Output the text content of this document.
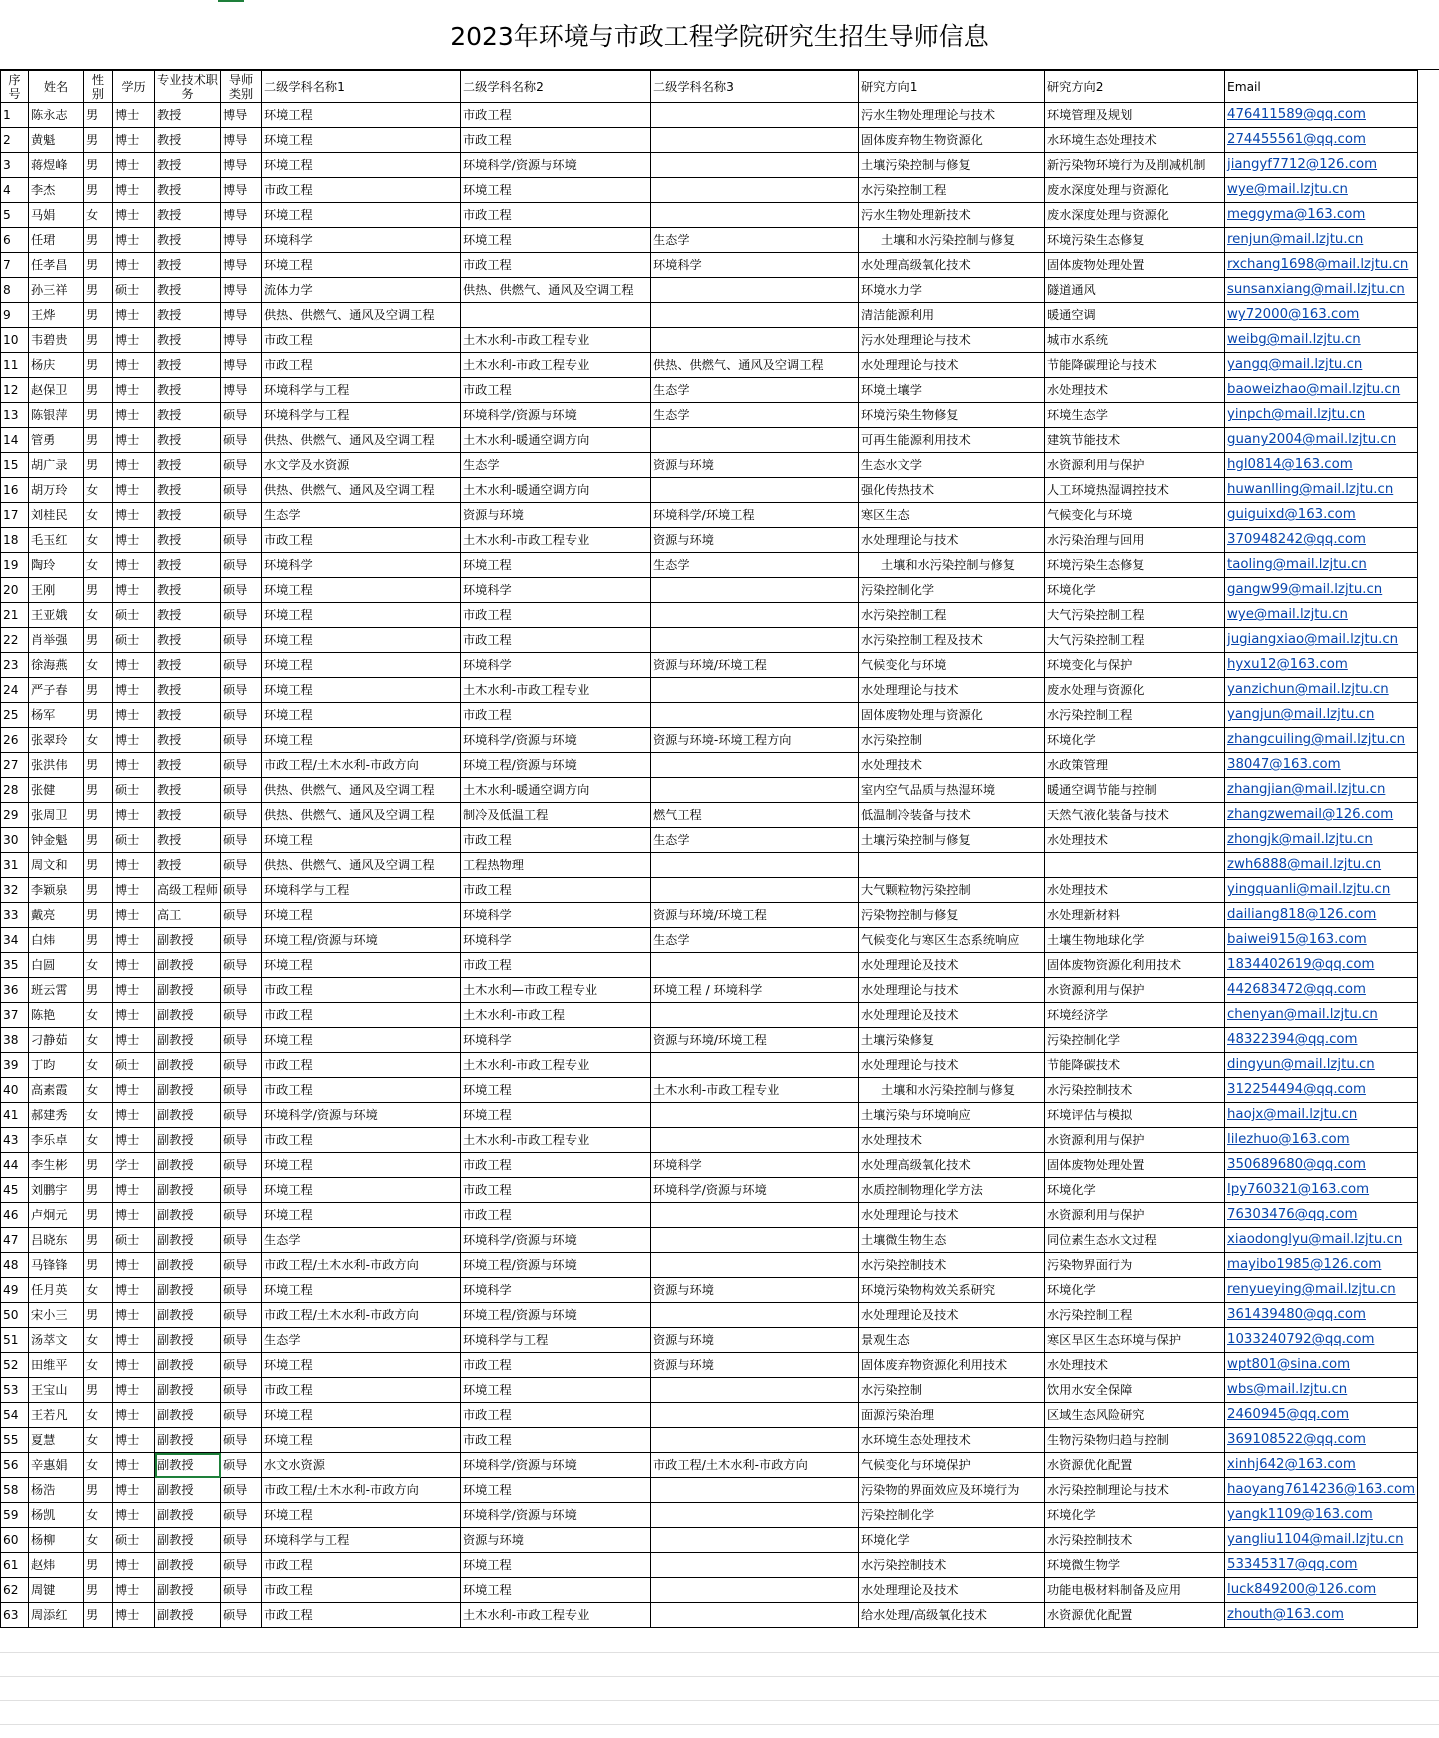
2023年环境与市政工程学院研究生招生导师信息
序号	姓名	性别	学历	专业技术职务	导师类别	二级学科名称1	二级学科名称2	二级学科名称3	研究方向1	研究方向2	Email
1	陈永志	男	博士	教授	博导	环境工程	市政工程		污水生物处理理论与技术	环境管理及规划	476411589@qq.com
2	黄魁	男	博士	教授	博导	环境工程	市政工程		固体废弃物生物资源化	水环境生态处理技术	274455561@qq.com
3	蒋煜峰	男	博士	教授	博导	环境工程	环境科学/资源与环境		土壤污染控制与修复	新污染物环境行为及削减机制	jiangyf7712@126.com
4	李杰	男	博士	教授	博导	市政工程	环境工程		水污染控制工程	废水深度处理与资源化	wye@mail.lzjtu.cn
5	马娟	女	博士	教授	博导	环境工程	市政工程		污水生物处理新技术	废水深度处理与资源化	meggyma@163.com
6	任珺	男	博士	教授	博导	环境科学	环境工程	生态学	土壤和水污染控制与修复	环境污染生态修复	renjun@mail.lzjtu.cn
7	任孝昌	男	博士	教授	博导	环境工程	市政工程	环境科学	水处理高级氧化技术	固体废物处理处置	rxchang1698@mail.lzjtu.cn
8	孙三祥	男	硕士	教授	博导	流体力学	供热、供燃气、通风及空调工程		环境水力学	隧道通风	sunsanxiang@mail.lzjtu.cn
9	王烨	男	博士	教授	博导	供热、供燃气、通风及空调工程			清洁能源利用	暖通空调	wy72000@163.com
10	韦碧贵	男	博士	教授	博导	市政工程	土木水利-市政工程专业		污水处理理论与技术	城市水系统	weibg@mail.lzjtu.cn
11	杨庆	男	博士	教授	博导	市政工程	土木水利-市政工程专业	供热、供燃气、通风及空调工程	水处理理论与技术	节能降碳理论与技术	yangq@mail.lzjtu.cn
12	赵保卫	男	博士	教授	博导	环境科学与工程	市政工程	生态学	环境土壤学	水处理技术	baoweizhao@mail.lzjtu.cn
13	陈银萍	男	博士	教授	硕导	环境科学与工程	环境科学/资源与环境	生态学	环境污染生物修复	环境生态学	yinpch@mail.lzjtu.cn
14	管勇	男	博士	教授	硕导	供热、供燃气、通风及空调工程	土木水利-暖通空调方向		可再生能源利用技术	建筑节能技术	guany2004@mail.lzjtu.cn
15	胡广录	男	博士	教授	硕导	水文学及水资源	生态学	资源与环境	生态水文学	水资源利用与保护	hgl0814@163.com
16	胡万玲	女	博士	教授	硕导	供热、供燃气、通风及空调工程	土木水利-暖通空调方向		强化传热技术	人工环境热湿调控技术	huwanlling@mail.lzjtu.cn
17	刘桂民	女	博士	教授	硕导	生态学	资源与环境	环境科学/环境工程	寒区生态	气候变化与环境	guiguixd@163.com
18	毛玉红	女	博士	教授	硕导	市政工程	土木水利-市政工程专业	资源与环境	水处理理论与技术	水污染治理与回用	370948242@qq.com
19	陶玲	女	博士	教授	硕导	环境科学	环境工程	生态学	土壤和水污染控制与修复	环境污染生态修复	taoling@mail.lzjtu.cn
20	王刚	男	博士	教授	硕导	环境工程	环境科学		污染控制化学	环境化学	gangw99@mail.lzjtu.cn
21	王亚娥	女	硕士	教授	硕导	环境工程	市政工程		水污染控制工程	大气污染控制工程	wye@mail.lzjtu.cn
22	肖举强	男	硕士	教授	硕导	环境工程	市政工程		水污染控制工程及技术	大气污染控制工程	jugiangxiao@mail.lzjtu.cn
23	徐海燕	女	博士	教授	硕导	环境工程	环境科学	资源与环境/环境工程	气候变化与环境	环境变化与保护	hyxu12@163.com
24	严子春	男	博士	教授	硕导	环境工程	土木水利-市政工程专业		水处理理论与技术	废水处理与资源化	yanzichun@mail.lzjtu.cn
25	杨军	男	博士	教授	硕导	环境工程	市政工程		固体废物处理与资源化	水污染控制工程	yangjun@mail.lzjtu.cn
26	张翠玲	女	博士	教授	硕导	环境工程	环境科学/资源与环境	资源与环境-环境工程方向	水污染控制	环境化学	zhangcuiling@mail.lzjtu.cn
27	张洪伟	男	博士	教授	硕导	市政工程/土木水利-市政方向	环境工程/资源与环境		水处理技术	水政策管理	38047@163.com
28	张健	男	硕士	教授	硕导	供热、供燃气、通风及空调工程	土木水利-暖通空调方向		室内空气品质与热湿环境	暖通空调节能与控制	zhangjian@mail.lzjtu.cn
29	张周卫	男	博士	教授	硕导	供热、供燃气、通风及空调工程	制冷及低温工程	燃气工程	低温制冷装备与技术	天然气液化装备与技术	zhangzwemail@126.com
30	钟金魁	男	硕士	教授	硕导	环境工程	市政工程	生态学	土壤污染控制与修复	水处理技术	zhongjk@mail.lzjtu.cn
31	周文和	男	博士	教授	硕导	供热、供燃气、通风及空调工程	工程热物理				zwh6888@mail.lzjtu.cn
32	李颖泉	男	博士	高级工程师	硕导	环境科学与工程	市政工程		大气颗粒物污染控制	水处理技术	yingquanli@mail.lzjtu.cn
33	戴亮	男	博士	高工	硕导	环境工程	环境科学	资源与环境/环境工程	污染物控制与修复	水处理新材料	dailiang818@126.com
34	白炜	男	博士	副教授	硕导	环境工程/资源与环境	环境科学	生态学	气候变化与寒区生态系统响应	土壤生物地球化学	baiwei915@163.com
35	白圆	女	博士	副教授	硕导	环境工程	市政工程		水处理理论及技术	固体废物资源化利用技术	1834402619@qq.com
36	班云霄	男	博士	副教授	硕导	市政工程	土木水利—市政工程专业	环境工程 / 环境科学	水处理理论与技术	水资源利用与保护	442683472@qq.com
37	陈艳	女	博士	副教授	硕导	市政工程	土木水利-市政工程		水处理理论及技术	环境经济学	chenyan@mail.lzjtu.cn
38	刁静茹	女	博士	副教授	硕导	环境工程	环境科学	资源与环境/环境工程	土壤污染修复	污染控制化学	48322394@qq.com
39	丁昀	女	硕士	副教授	硕导	市政工程	土木水利-市政工程专业		水处理理论与技术	节能降碳技术	dingyun@mail.lzjtu.cn
40	高素霞	女	博士	副教授	硕导	市政工程	环境工程	土木水利-市政工程专业	土壤和水污染控制与修复	水污染控制技术	312254494@qq.com
41	郝建秀	女	博士	副教授	硕导	环境科学/资源与环境	环境工程		土壤污染与环境响应	环境评估与模拟	haojx@mail.lzjtu.cn
43	李乐卓	女	博士	副教授	硕导	市政工程	土木水利-市政工程专业		水处理技术	水资源利用与保护	lilezhuo@163.com
44	李生彬	男	学士	副教授	硕导	环境工程	市政工程	环境科学	水处理高级氧化技术	固体废物处理处置	350689680@qq.com
45	刘鹏宇	男	博士	副教授	硕导	环境工程	市政工程	环境科学/资源与环境	水质控制物理化学方法	环境化学	lpy760321@163.com
46	卢炯元	男	博士	副教授	硕导	环境工程	市政工程		水处理理论与技术	水资源利用与保护	76303476@qq.com
47	吕晓东	男	硕士	副教授	硕导	生态学	环境科学/资源与环境		土壤微生物生态	同位素生态水文过程	xiaodonglyu@mail.lzjtu.cn
48	马锋锋	男	博士	副教授	硕导	市政工程/土木水利-市政方向	环境工程/资源与环境		水污染控制技术	污染物界面行为	mayibo1985@126.com
49	任月英	女	博士	副教授	硕导	环境工程	环境科学	资源与环境	环境污染物构效关系研究	环境化学	renyueying@mail.lzjtu.cn
50	宋小三	男	博士	副教授	硕导	市政工程/土木水利-市政方向	环境工程/资源与环境		水处理理论及技术	水污染控制工程	361439480@qq.com
51	汤萃文	女	博士	副教授	硕导	生态学	环境科学与工程	资源与环境	景观生态	寒区旱区生态环境与保护	1033240792@qq.com
52	田维平	女	博士	副教授	硕导	环境工程	市政工程	资源与环境	固体废弃物资源化利用技术	水处理技术	wpt801@sina.com
53	王宝山	男	博士	副教授	硕导	市政工程	环境工程		水污染控制	饮用水安全保障	wbs@mail.lzjtu.cn
54	王若凡	女	博士	副教授	硕导	环境工程	市政工程		面源污染治理	区域生态风险研究	2460945@qq.com
55	夏慧	女	博士	副教授	硕导	环境工程	市政工程		水环境生态处理技术	生物污染物归趋与控制	369108522@qq.com
56	辛惠娟	女	博士	副教授	硕导	水文水资源	环境科学/资源与环境	市政工程/土木水利-市政方向	气候变化与环境保护	水资源优化配置	xinhj642@163.com
58	杨浩	男	博士	副教授	硕导	市政工程/土木水利-市政方向	环境工程		污染物的界面效应及环境行为	水污染控制理论与技术	haoyang7614236@163.com
59	杨凯	女	博士	副教授	硕导	环境工程	环境科学/资源与环境		污染控制化学	环境化学	yangk1109@163.com
60	杨柳	女	硕士	副教授	硕导	环境科学与工程	资源与环境		环境化学	水污染控制技术	yangliu1104@mail.lzjtu.cn
61	赵炜	男	博士	副教授	硕导	市政工程	环境工程		水污染控制技术	环境微生物学	53345317@qq.com
62	周键	男	博士	副教授	硕导	市政工程	环境工程		水处理理论及技术	功能电极材料制备及应用	luck849200@126.com
63	周添红	男	博士	副教授	硕导	市政工程	土木水利-市政工程专业		给水处理/高级氧化技术	水资源优化配置	zhouth@163.com
